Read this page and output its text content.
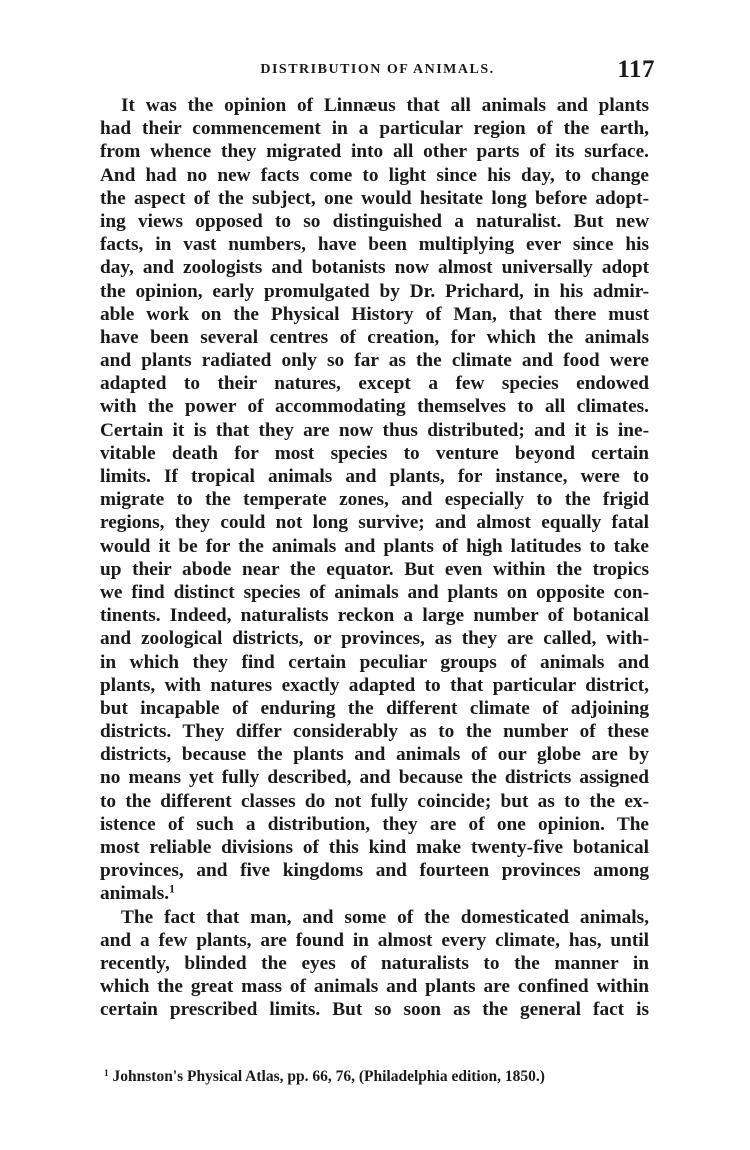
DISTRIBUTION OF ANIMALS.	117
It was the opinion of Linnæus that all animals and plants
had their commencement in a particular region of the earth,
from whence they migrated into all other parts of its surface.
And had no new facts come to light since his day, to change
the aspect of the subject, one would hesitate long before adopt-
ing views opposed to so distinguished a naturalist. But new
facts, in vast numbers, have been multiplying ever since his
day, and zoologists and botanists now almost universally adopt
the opinion, early promulgated by Dr. Prichard, in his admir-
able work on the Physical History of Man, that there must
have been several centres of creation, for which the animals
and plants radiated only so far as the climate and food were
adapted to their natures, except a few species endowed
with the power of accommodating themselves to all climates.
Certain it is that they are now thus distributed; and it is ine-
vitable death for most species to venture beyond certain
limits. If tropical animals and plants, for instance, were to
migrate to the temperate zones, and especially to the frigid
regions, they could not long survive; and almost equally fatal
would it be for the animals and plants of high latitudes to take
up their abode near the equator. But even within the tropics
we find distinct species of animals and plants on opposite con-
tinents. Indeed, naturalists reckon a large number of botanical
and zoological districts, or provinces, as they are called, with-
in which they find certain peculiar groups of animals and
plants, with natures exactly adapted to that particular district,
but incapable of enduring the different climate of adjoining
districts. They differ considerably as to the number of these
districts, because the plants and animals of our globe are by
no means yet fully described, and because the districts assigned
to the different classes do not fully coincide; but as to the ex-
istence of such a distribution, they are of one opinion. The
most reliable divisions of this kind make twenty-five botanical
provinces, and five kingdoms and fourteen provinces among
animals.$^1$
The fact that man, and some of the domesticated animals,
and a few plants, are found in almost every climate, has, until
recently, blinded the eyes of naturalists to the manner in
which the great mass of animals and plants are confined within
certain prescribed limits. But so soon as the general fact is
$^1$ Johnston's Physical Atlas, pp. 66, 76, (Philadelphia edition, 1850.)
